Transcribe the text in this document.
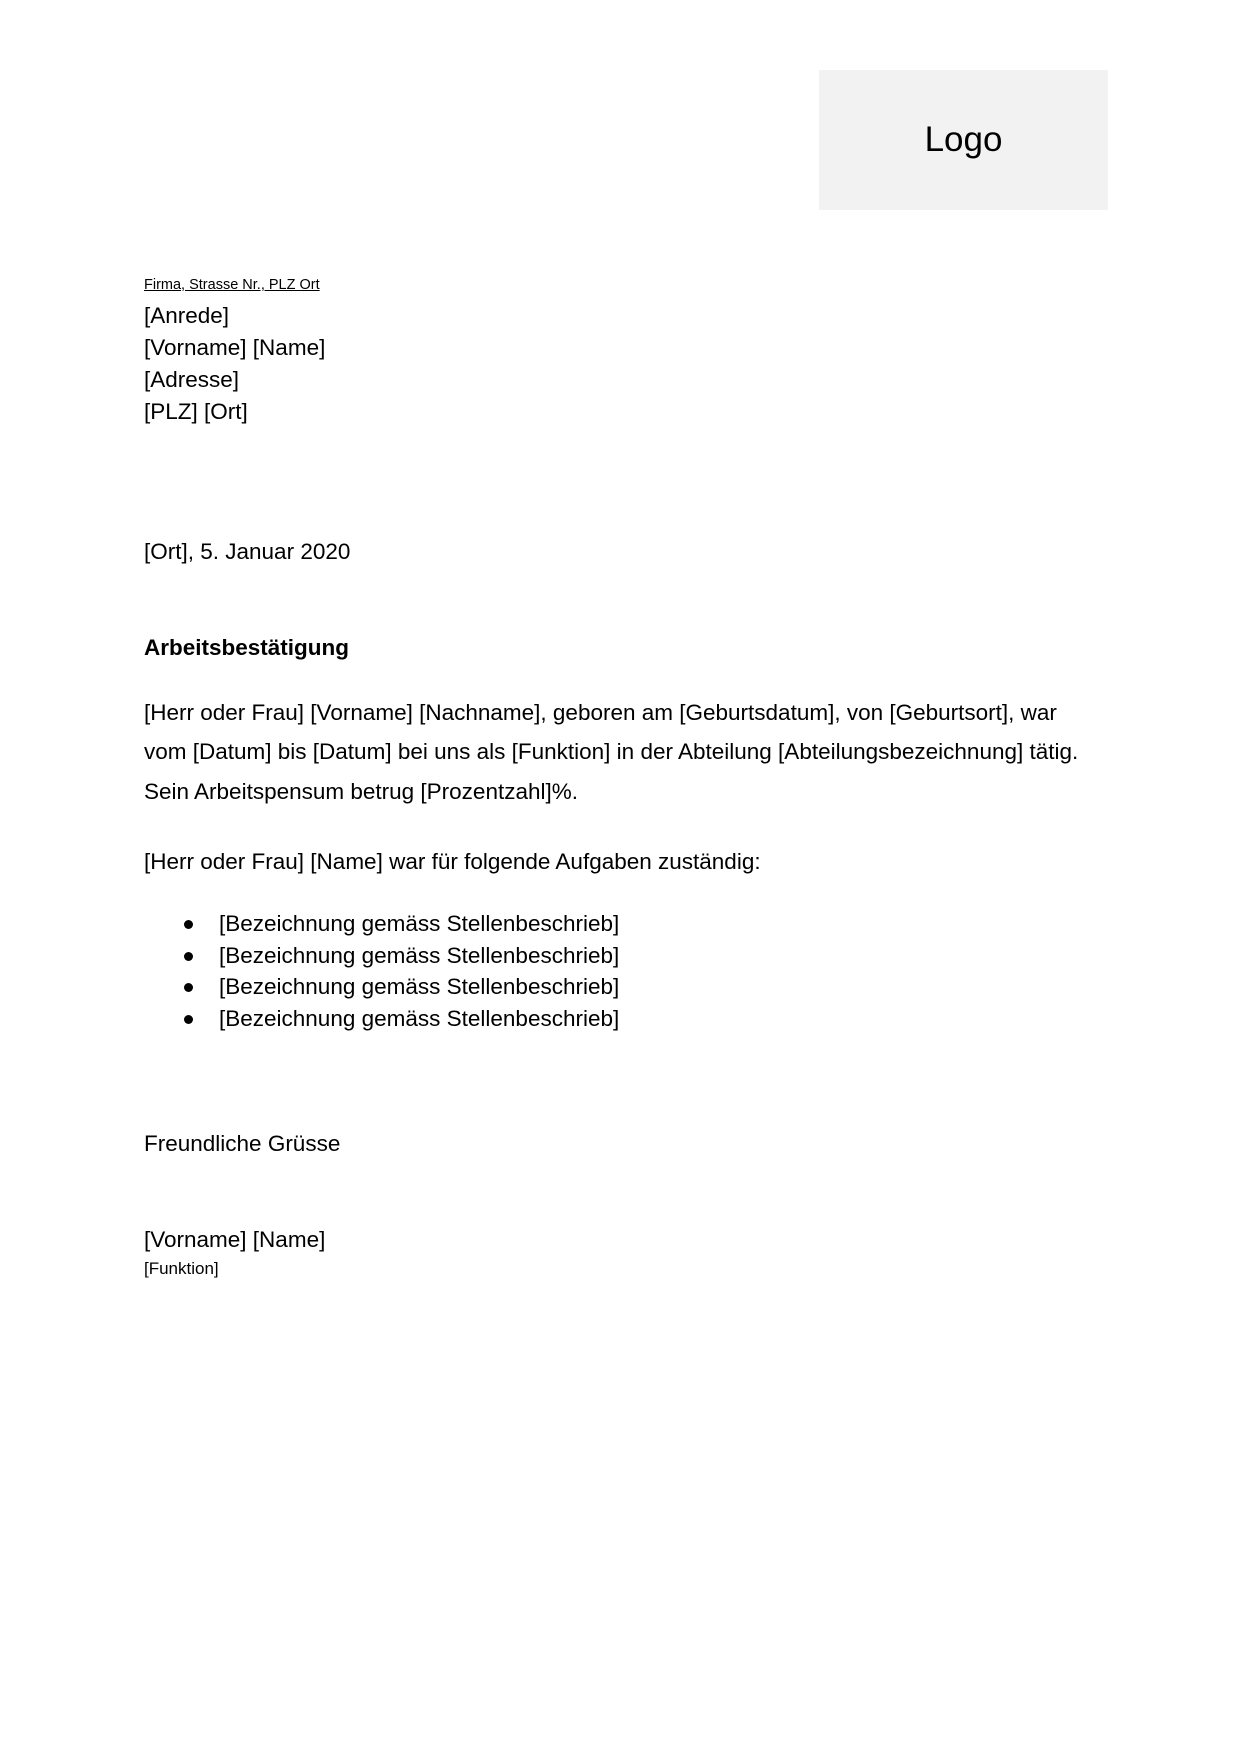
Logo
Firma, Strasse Nr., PLZ Ort
[Anrede]
[Vorname] [Name]
[Adresse]
[PLZ] [Ort]
[Ort], 5. Januar 2020
Arbeitsbestätigung
[Herr oder Frau] [Vorname] [Nachname], geboren am [Geburtsdatum], von [Geburtsort], war
vom [Datum] bis [Datum] bei uns als [Funktion] in der Abteilung [Abteilungsbezeichnung] tätig.
Sein Arbeitspensum betrug [Prozentzahl]%.
[Herr oder Frau] [Name] war für folgende Aufgaben zuständig:
[Bezeichnung gemäss Stellenbeschrieb]
[Bezeichnung gemäss Stellenbeschrieb]
[Bezeichnung gemäss Stellenbeschrieb]
[Bezeichnung gemäss Stellenbeschrieb]
Freundliche Grüsse
[Vorname] [Name]
[Funktion]
